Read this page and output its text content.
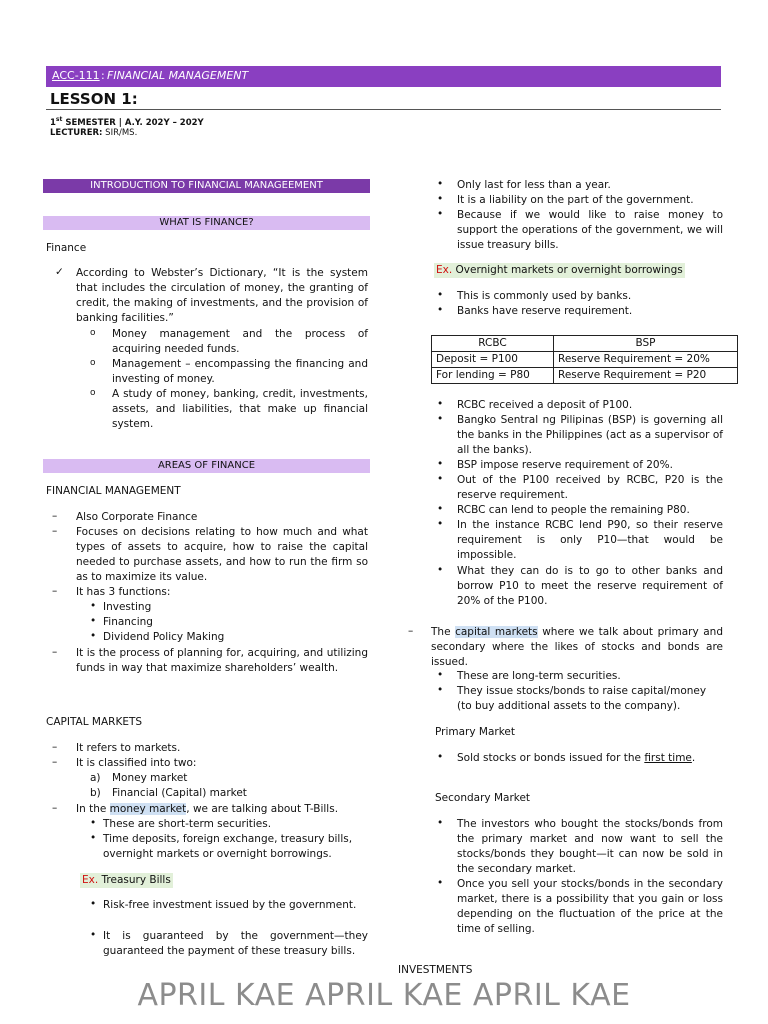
ACC-111 : FINANCIAL MANAGEMENT
LESSON 1:
1st SEMESTER | A.Y. 202Y – 202Y
LECTURER: SIR/MS.
INTRODUCTION TO FINANCIAL MANAGEEMENT
WHAT IS FINANCE?
Finance
✓ According to Webster’s Dictionary, “It is the system that includes the circulation of money, the granting of credit, the making of investments, and the provision of banking facilities.”
o Money management and the process of acquiring needed funds.
o Management – encompassing the financing and investing of money.
o A study of money, banking, credit, investments, assets, and liabilities, that make up financial system.
AREAS OF FINANCE
FINANCIAL MANAGEMENT
– Also Corporate Finance
– Focuses on decisions relating to how much and what types of assets to acquire, how to raise the capital needed to purchase assets, and how to run the firm so as to maximize its value.
– It has 3 functions:
• Investing
• Financing
• Dividend Policy Making
– It is the process of planning for, acquiring, and utilizing funds in way that maximize shareholders’ wealth.
CAPITAL MARKETS
– It refers to markets.
– It is classified into two:
a) Money market
b) Financial (Capital) market
– In the money market, we are talking about T-Bills.
• These are short-term securities.
• Time deposits, foreign exchange, treasury bills, overnight markets or overnight borrowings.
Ex. Treasury Bills
• Risk-free investment issued by the government.
• It is guaranteed by the government—they guaranteed the payment of these treasury bills.
• Only last for less than a year.
• It is a liability on the part of the government.
• Because if we would like to raise money to support the operations of the government, we will issue treasury bills.
Ex. Overnight markets or overnight borrowings
• This is commonly used by banks.
• Banks have reserve requirement.
RCBC	BSP
Deposit = P100	Reserve Requirement = 20%
For lending = P80	Reserve Requirement = P20
• RCBC received a deposit of P100.
• Bangko Sentral ng Pilipinas (BSP) is governing all the banks in the Philippines (act as a supervisor of all the banks).
• BSP impose reserve requirement of 20%.
• Out of the P100 received by RCBC, P20 is the reserve requirement.
• RCBC can lend to people the remaining P80.
• In the instance RCBC lend P90, so their reserve requirement is only P10—that would be impossible.
• What they can do is to go to other banks and borrow P10 to meet the reserve requirement of 20% of the P100.
– The capital markets where we talk about primary and secondary where the likes of stocks and bonds are issued.
• These are long-term securities.
• They issue stocks/bonds to raise capital/money (to buy additional assets to the company).
Primary Market
• Sold stocks or bonds issued for the first time.
Secondary Market
• The investors who bought the stocks/bonds from the primary market and now want to sell the stocks/bonds they bought—it can now be sold in the secondary market.
• Once you sell your stocks/bonds in the secondary market, there is a possibility that you gain or loss depending on the fluctuation of the price at the time of selling.
INVESTMENTS
APRIL KAE APRIL KAE APRIL KAE
